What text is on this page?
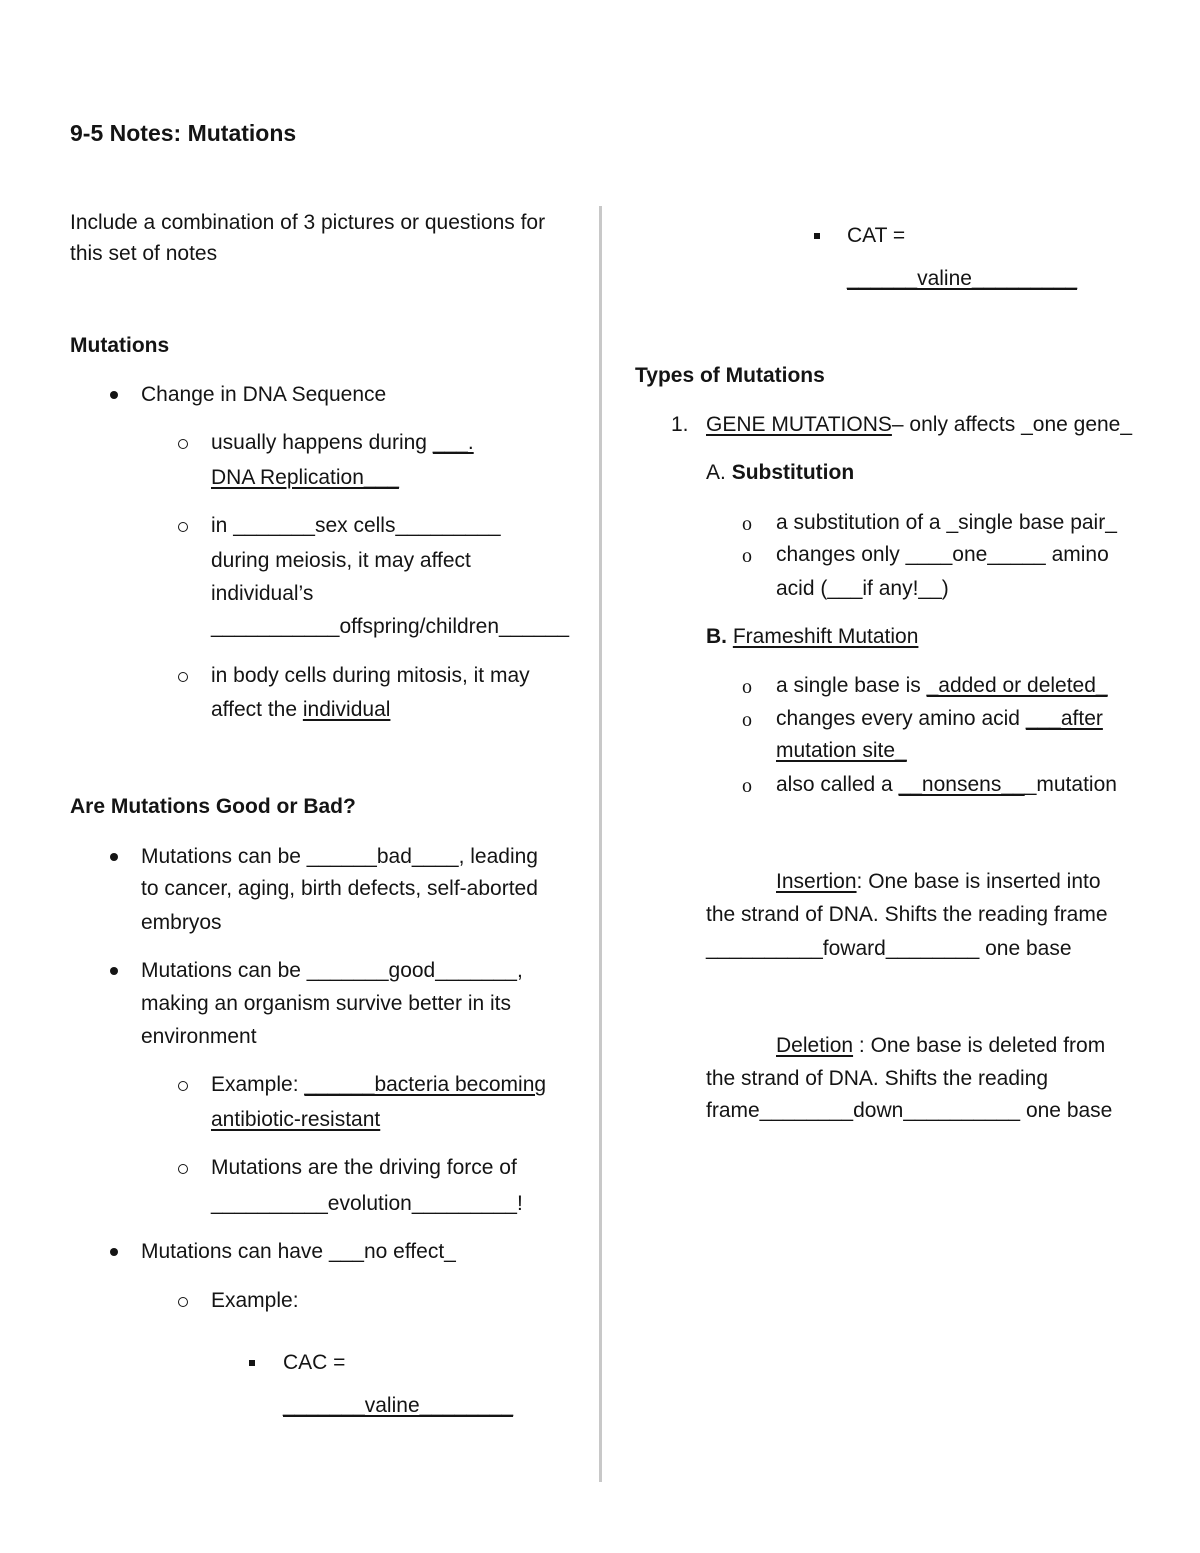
9-5 Notes: Mutations
Include a combination of 3 pictures or questions for
this set of notes
Mutations
Change in DNA Sequence
usually happens during ___.
DNA Replication___
in _______sex cells_________
during meiosis, it may affect
individual’s
___________offspring/children______
in body cells during mitosis, it may
affect the individual
Are Mutations Good or Bad?
Mutations can be ______bad____, leading
to cancer, aging, birth defects, self-aborted
embryos
Mutations can be _______good_______,
making an organism survive better in its
environment
Example: ______bacteria becoming
antibiotic-resistant
Mutations are the driving force of
__________evolution_________!
Mutations can have ___no effect_
Example:
CAC =
_______valine________
CAT =
______valine_________
Types of Mutations
1. GENE MUTATIONS– only affects _one gene_
A. Substitution
o a substitution of a _single base pair_
o changes only ____one_____ amino
acid (___if any!__)
B. Frameshift Mutation
o a single base is _added or deleted_
o changes every amino acid ___after
mutation site_
o also called a __nonsens___mutation
Insertion: One base is inserted into
the strand of DNA. Shifts the reading frame
__________foward________ one base
Deletion : One base is deleted from
the strand of DNA. Shifts the reading
frame________down__________ one base
